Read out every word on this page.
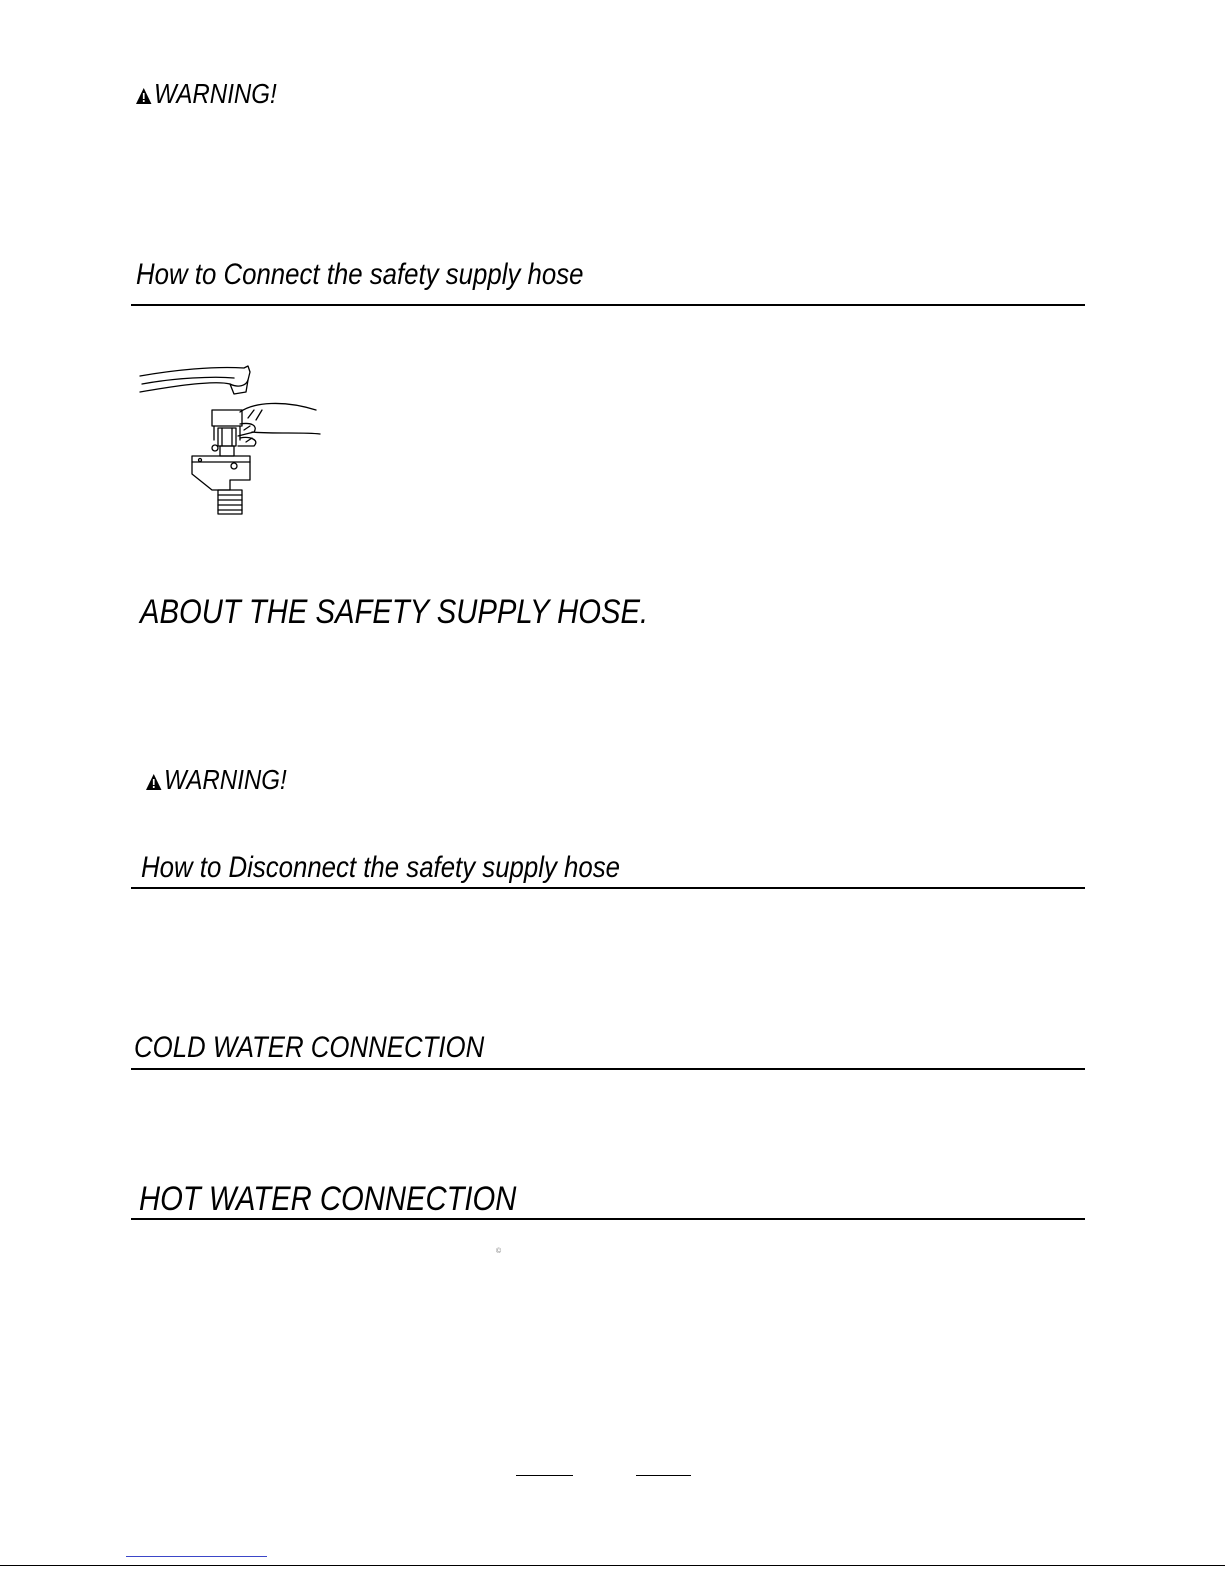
WARNING!
How to Connect the safety supply hose
ABOUT THE SAFETY SUPPLY HOSE.
WARNING!
How to Disconnect the safety supply hose
COLD WATER CONNECTION
HOT WATER CONNECTION
©
